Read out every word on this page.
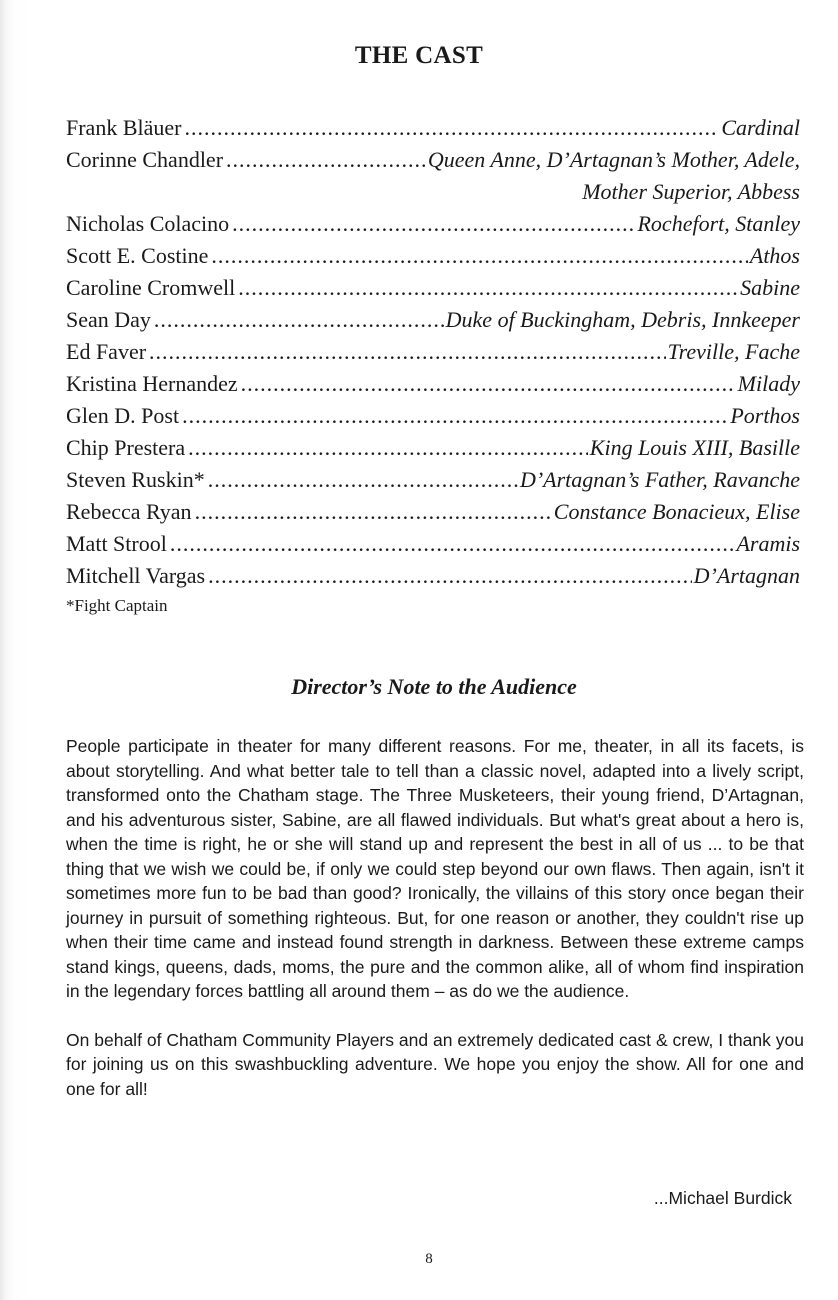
THE CAST
Frank Bläuer .....	Cardinal
Corinne Chandler .....	Queen Anne, D’Artagnan’s Mother, Adele,
Mother Superior, Abbess
Nicholas Colacino .....	Rochefort, Stanley
Scott E. Costine .....	Athos
Caroline Cromwell .....	Sabine
Sean Day .....	Duke of Buckingham, Debris, Innkeeper
Ed Faver .....	Treville, Fache
Kristina Hernandez .....	Milady
Glen D. Post .....	Porthos
Chip Prestera .....	King Louis XIII, Basille
Steven Ruskin* .....	D’Artagnan’s Father, Ravanche
Rebecca Ryan .....	Constance Bonacieux, Elise
Matt Strool .....	Aramis
Mitchell Vargas .....	D’Artagnan
*Fight Captain
Director’s Note to the Audience

People participate in theater for many different reasons. For me, theater, in all its facets, is about storytelling. And what better tale to tell than a classic novel, adapted into a lively script, transformed onto the Chatham stage. The Three Musketeers, their young friend, D’Artagnan, and his adventurous sister, Sabine, are all flawed individuals. But what's great about a hero is, when the time is right, he or she will stand up and represent the best in all of us ... to be that thing that we wish we could be, if only we could step beyond our own flaws. Then again, isn't it sometimes more fun to be bad than good? Ironically, the villains of this story once began their journey in pursuit of something righteous. But, for one reason or another, they couldn't rise up when their time came and instead found strength in darkness. Between these extreme camps stand kings, queens, dads, moms, the pure and the common alike, all of whom find inspiration in the legendary forces battling all around them – as do we the audience.

On behalf of Chatham Community Players and an extremely dedicated cast & crew, I thank you for joining us on this swashbuckling adventure. We hope you enjoy the show. All for one and one for all!

...Michael Burdick
8
